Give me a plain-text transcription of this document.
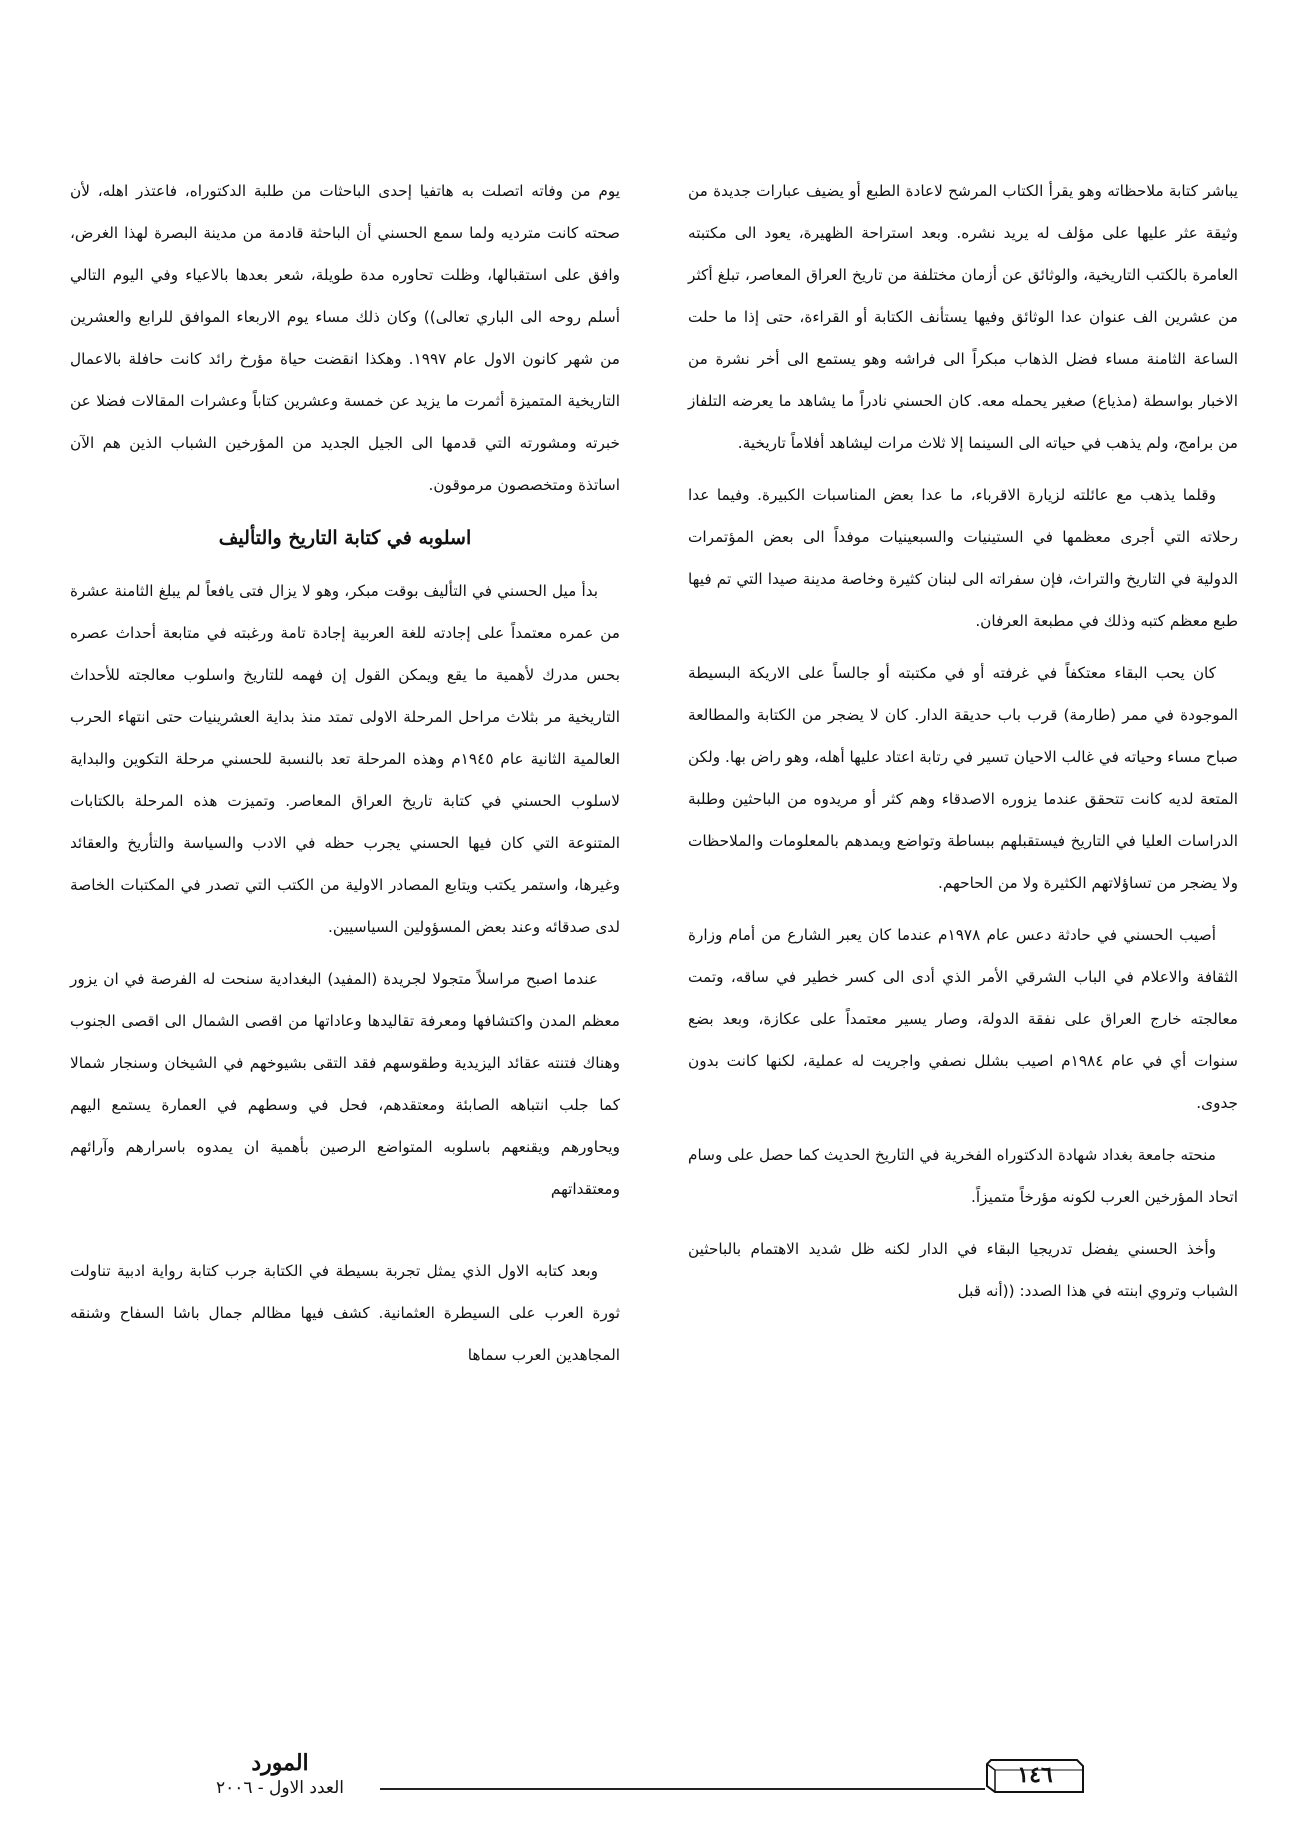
يباشر كتابة ملاحظاته وهو يقرأ الكتاب المرشح لاعادة الطبع أو يضيف عبارات جديدة من وثيقة عثر عليها على مؤلف له يريد نشره. وبعد استراحة الظهيرة، يعود الى مكتبته العامرة بالكتب التاريخية، والوثائق عن أزمان مختلفة من تاريخ العراق المعاصر، تبلغ أكثر من عشرين الف عنوان عدا الوثائق وفيها يستأنف الكتابة أو القراءة، حتى إذا ما حلت الساعة الثامنة مساء فضل الذهاب مبكراً الى فراشه وهو يستمع الى أخر نشرة من الاخبار بواسطة (مذياع) صغير يحمله معه. كان الحسني نادراً ما يشاهد ما يعرضه التلفاز من برامج، ولم يذهب في حياته الى السينما إلا ثلاث مرات ليشاهد أفلاماً تاريخية.

وقلما يذهب مع عائلته لزيارة الاقرباء، ما عدا بعض المناسبات الكبيرة. وفيما عدا رحلاته التي أجرى معظمها في الستينيات والسبعينيات موفداً الى بعض المؤتمرات الدولية في التاريخ والتراث، فإن سفراته الى لبنان كثيرة وخاصة مدينة صيدا التي تم فيها طبع معظم كتبه وذلك في مطبعة العرفان.

كان يحب البقاء معتكفاً في غرفته أو في مكتبته أو جالساً على الاريكة البسيطة الموجودة في ممر (طارمة) قرب باب حديقة الدار. كان لا يضجر من الكتابة والمطالعة صباح مساء وحياته في غالب الاحيان تسير في رتابة اعتاد عليها أهله، وهو راض بها. ولكن المتعة لديه كانت تتحقق عندما يزوره الاصدقاء وهم كثر أو مريدوه من الباحثين وطلبة الدراسات العليا في التاريخ فيستقبلهم ببساطة وتواضع ويمدهم بالمعلومات والملاحظات ولا يضجر من تساؤلاتهم الكثيرة ولا من الحاحهم.

أصيب الحسني في حادثة دعس عام ١٩٧٨م عندما كان يعبر الشارع من أمام وزارة الثقافة والاعلام في الباب الشرقي الأمر الذي أدى الى كسر خطير في ساقه، وتمت معالجته خارج العراق على نفقة الدولة، وصار يسير معتمداً على عكازة، وبعد بضع سنوات أي في عام ١٩٨٤م اصيب بشلل نصفي واجريت له عملية، لكنها كانت بدون جدوى.

منحته جامعة بغداد شهادة الدكتوراه الفخرية في التاريخ الحديث كما حصل على وسام اتحاد المؤرخين العرب لكونه مؤرخاً متميزاً.

وأخذ الحسني يفضل تدريجيا البقاء في الدار لكنه ظل شديد الاهتمام بالباحثين الشباب وتروي ابنته في هذا الصدد: ((أنه قبل

يوم من وفاته اتصلت به هاتفيا إحدى الباحثات من طلبة الدكتوراه، فاعتذر اهله، لأن صحته كانت مترديه ولما سمع الحسني أن الباحثة قادمة من مدينة البصرة لهذا الغرض، وافق على استقبالها، وظلت تحاوره مدة طويلة، شعر بعدها بالاعياء وفي اليوم التالي أسلم روحه الى الباري تعالى)) وكان ذلك مساء يوم الاربعاء الموافق للرابع والعشرين من شهر كانون الاول عام ١٩٩٧. وهكذا انقضت حياة مؤرخ رائد كانت حافلة بالاعمال التاريخية المتميزة أثمرت ما يزيد عن خمسة وعشرين كتاباً وعشرات المقالات فضلا عن خبرته ومشورته التي قدمها الى الجيل الجديد من المؤرخين الشباب الذين هم الآن اساتذة ومتخصصون مرموقون.

اسلوبه في كتابة التاريخ والتأليف

بدأ ميل الحسني في التأليف بوقت مبكر، وهو لا يزال فتى يافعاً لم يبلغ الثامنة عشرة من عمره معتمداً على إجادته للغة العربية إجادة تامة ورغبته في متابعة أحداث عصره بحس مدرك لأهمية ما يقع ويمكن القول إن فهمه للتاريخ واسلوب معالجته للأحداث التاريخية مر بثلاث مراحل المرحلة الاولى تمتد منذ بداية العشرينيات حتى انتهاء الحرب العالمية الثانية عام ١٩٤٥م وهذه المرحلة تعد بالنسبة للحسني مرحلة التكوين والبداية لاسلوب الحسني في كتابة تاريخ العراق المعاصر. وتميزت هذه المرحلة بالكتابات المتنوعة التي كان فيها الحسني يجرب حظه في الادب والسياسة والتأريخ والعقائد وغيرها، واستمر يكتب ويتابع المصادر الاولية من الكتب التي تصدر في المكتبات الخاصة لدى صدقائه وعند بعض المسؤولين السياسيين.

عندما اصبح مراسلاً متجولا لجريدة (المفيد) البغدادية سنحت له الفرصة في ان يزور معظم المدن واكتشافها ومعرفة تقاليدها وعاداتها من اقصى الشمال الى اقصى الجنوب وهناك فتنته عقائد اليزيدية وطقوسهم فقد التقى بشيوخهم في الشيخان وسنجار شمالا كما جلب انتباهه الصابئة ومعتقدهم، فحل في وسطهم في العمارة يستمع اليهم ويحاورهم ويقنعهم باسلوبه المتواضع الرصين بأهمية ان يمدوه باسرارهم وآرائهم ومعتقداتهم

وبعد كتابه الاول الذي يمثل تجربة بسيطة في الكتابة جرب كتابة رواية ادبية تناولت ثورة العرب على السيطرة العثمانية. كشف فيها مظالم جمال باشا السفاح وشنقه المجاهدين العرب سماها

المورد
العدد الاول - ٢٠٠٦	١٤٦
